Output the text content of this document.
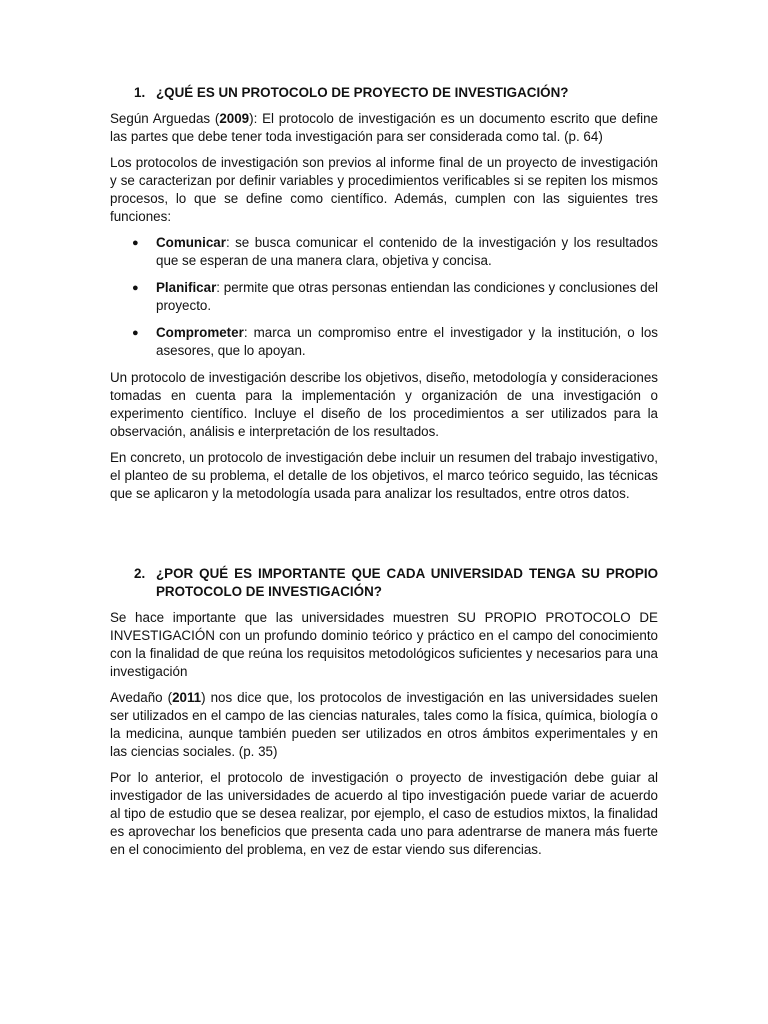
1. ¿QUÉ ES UN PROTOCOLO DE PROYECTO DE INVESTIGACIÓN?

Según Arguedas (2009): El protocolo de investigación es un documento escrito que define las partes que debe tener toda investigación para ser considerada como tal. (p. 64)

Los protocolos de investigación son previos al informe final de un proyecto de investigación y se caracterizan por definir variables y procedimientos verificables si se repiten los mismos procesos, lo que se define como científico. Además, cumplen con las siguientes tres funciones:

● Comunicar: se busca comunicar el contenido de la investigación y los resultados que se esperan de una manera clara, objetiva y concisa.
● Planificar: permite que otras personas entiendan las condiciones y conclusiones del proyecto.
● Comprometer: marca un compromiso entre el investigador y la institución, o los asesores, que lo apoyan.

Un protocolo de investigación describe los objetivos, diseño, metodología y consideraciones tomadas en cuenta para la implementación y organización de una investigación o experimento científico. Incluye el diseño de los procedimientos a ser utilizados para la observación, análisis e interpretación de los resultados.

En concreto, un protocolo de investigación debe incluir un resumen del trabajo investigativo, el planteo de su problema, el detalle de los objetivos, el marco teórico seguido, las técnicas que se aplicaron y la metodología usada para analizar los resultados, entre otros datos.

2. ¿POR QUÉ ES IMPORTANTE QUE CADA UNIVERSIDAD TENGA SU PROPIO PROTOCOLO DE INVESTIGACIÓN?

Se hace importante que las universidades muestren SU PROPIO PROTOCOLO DE INVESTIGACIÓN con un profundo dominio teórico y práctico en el campo del conocimiento con la finalidad de que reúna los requisitos metodológicos suficientes y necesarios para una investigación

Avedaño (2011) nos dice que, los protocolos de investigación en las universidades suelen ser utilizados en el campo de las ciencias naturales, tales como la física, química, biología o la medicina, aunque también pueden ser utilizados en otros ámbitos experimentales y en las ciencias sociales. (p. 35)

Por lo anterior, el protocolo de investigación o proyecto de investigación debe guiar al investigador de las universidades de acuerdo al tipo investigación puede variar de acuerdo al tipo de estudio que se desea realizar, por ejemplo, el caso de estudios mixtos, la finalidad es aprovechar los beneficios que presenta cada uno para adentrarse de manera más fuerte en el conocimiento del problema, en vez de estar viendo sus diferencias.
